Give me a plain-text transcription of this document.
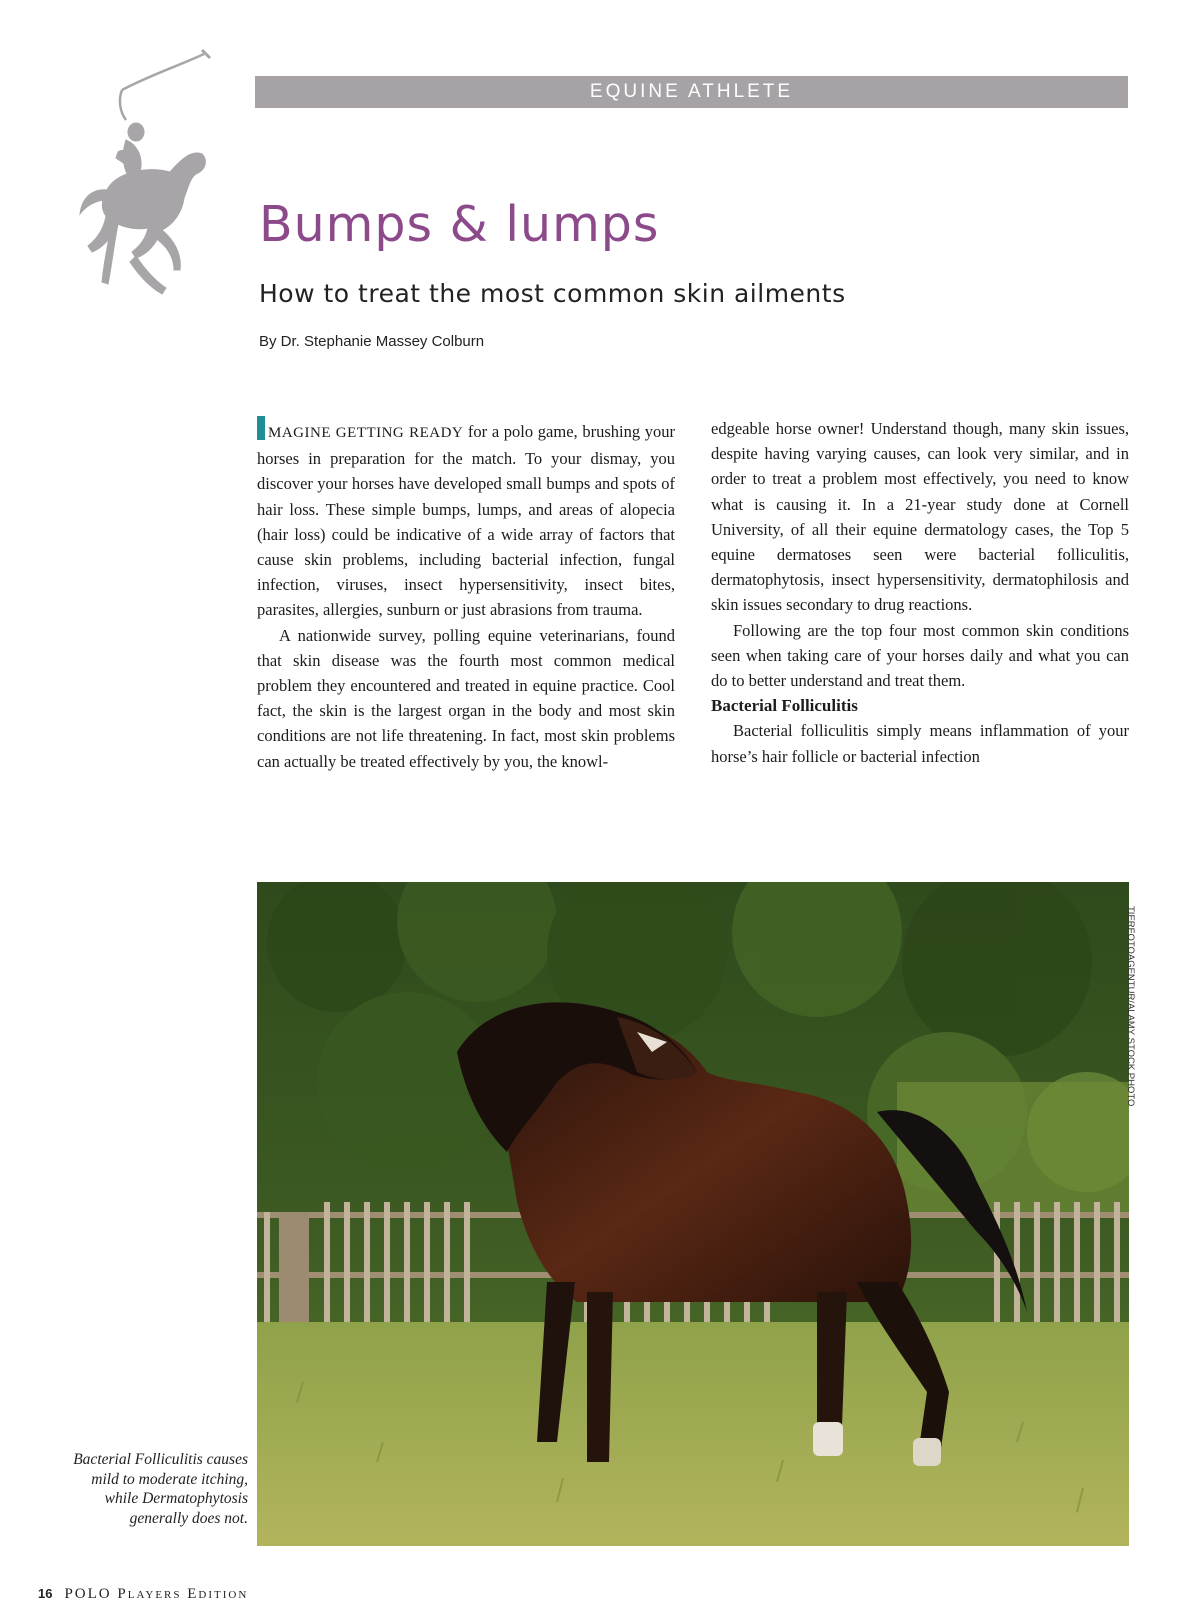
EQUINE ATHLETE
Bumps & lumps
How to treat the most common skin ailments
By Dr. Stephanie Massey Colburn

MAGINE GETTING READY for a polo game, brushing your horses in preparation for the match. To your dismay, you discover your horses have developed small bumps and spots of hair loss. These simple bumps, lumps, and areas of alopecia (hair loss) could be indicative of a wide array of factors that cause skin problems, including bacterial infection, fungal infection, viruses, insect hypersensitivity, insect bites, parasites, allergies, sunburn or just abrasions from trauma.

A nationwide survey, polling equine veterinarians, found that skin disease was the fourth most common medical problem they encountered and treated in equine practice. Cool fact, the skin is the largest organ in the body and most skin conditions are not life threatening. In fact, most skin problems can actually be treated effectively by you, the knowl-

edgeable horse owner! Understand though, many skin issues, despite having varying causes, can look very similar, and in order to treat a problem most effectively, you need to know what is causing it. In a 21-year study done at Cornell University, of all their equine dermatology cases, the Top 5 equine dermatoses seen were bacterial folliculitis, dermatophytosis, insect hypersensitivity, dermatophilosis and skin issues secondary to drug reactions.

Following are the top four most common skin conditions seen when taking care of your horses daily and what you can do to better understand and treat them.

Bacterial Folliculitis

Bacterial folliculitis simply means inflammation of your horse’s hair follicle or bacterial infection

TIERFOTOAGENTUR/ALAMY STOCK PHOTO
Bacterial Folliculitis causes mild to moderate itching, while Dermatophytosis generally does not.
16 POLO Players Edition
